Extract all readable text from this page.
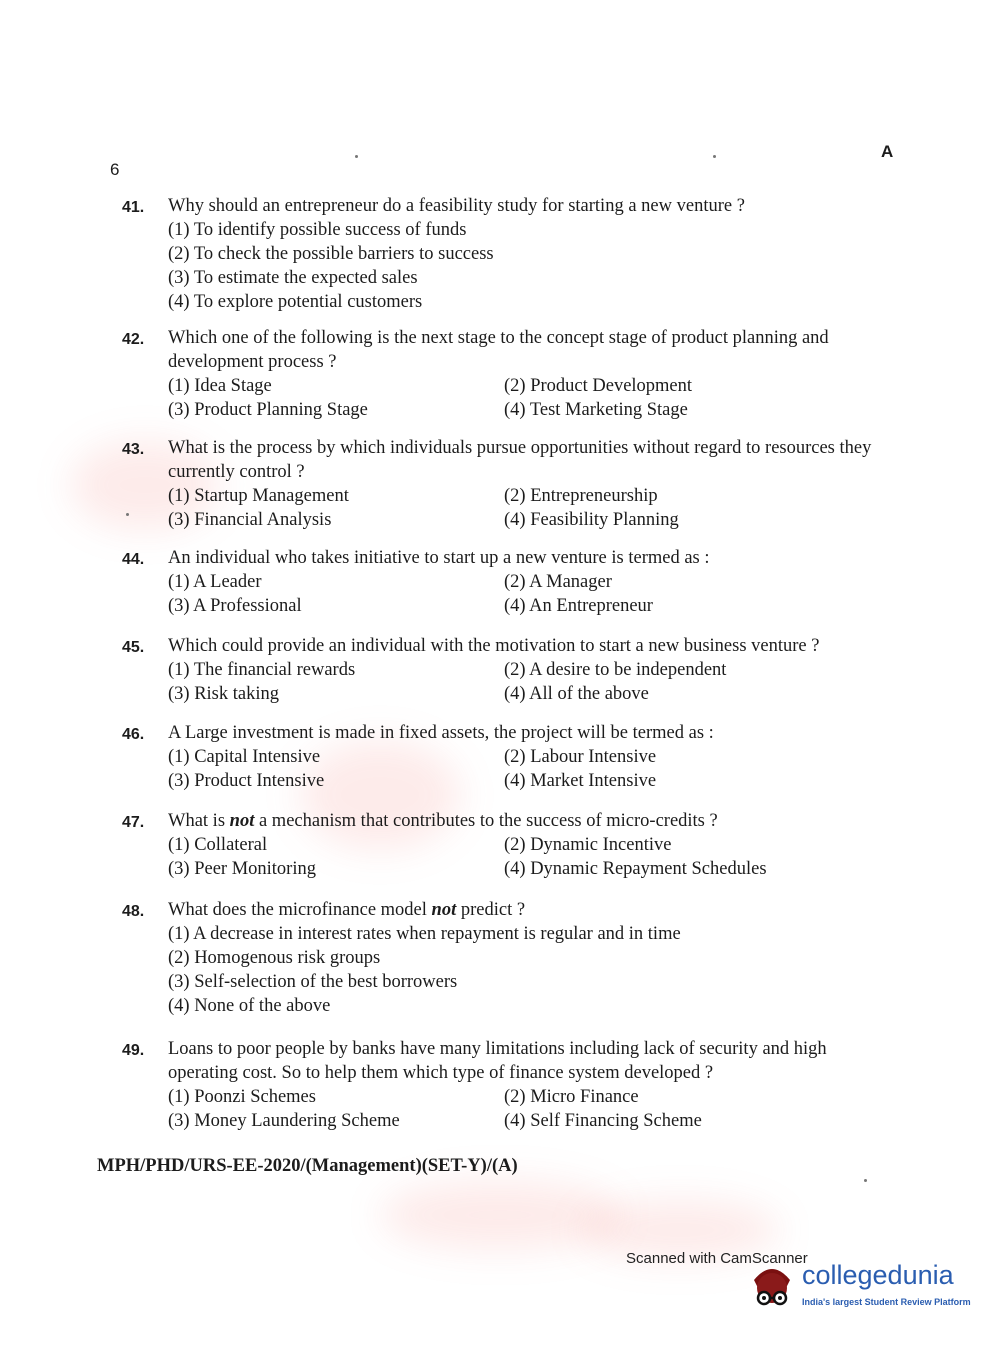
6
A
41. Why should an entrepreneur do a feasibility study for starting a new venture ?
(1) To identify possible success of funds
(2) To check the possible barriers to success
(3) To estimate the expected sales
(4) To explore potential customers
42. Which one of the following is the next stage to the concept stage of product planning and development process ?
(1) Idea Stage	(2) Product Development
(3) Product Planning Stage	(4) Test Marketing Stage
43. What is the process by which individuals pursue opportunities without regard to resources they currently control ?
(1) Startup Management	(2) Entrepreneurship
(3) Financial Analysis	(4) Feasibility Planning
44. An individual who takes initiative to start up a new venture is termed as :
(1) A Leader	(2) A Manager
(3) A Professional	(4) An Entrepreneur
45. Which could provide an individual with the motivation to start a new business venture ?
(1) The financial rewards	(2) A desire to be independent
(3) Risk taking	(4) All of the above
46. A Large investment is made in fixed assets, the project will be termed as :
(1) Capital Intensive	(2) Labour Intensive
(3) Product Intensive	(4) Market Intensive
47. What is not a mechanism that contributes to the success of micro-credits ?
(1) Collateral	(2) Dynamic Incentive
(3) Peer Monitoring	(4) Dynamic Repayment Schedules
48. What does the microfinance model not predict ?
(1) A decrease in interest rates when repayment is regular and in time
(2) Homogenous risk groups
(3) Self-selection of the best borrowers
(4) None of the above
49. Loans to poor people by banks have many limitations including lack of security and high operating cost. So to help them which type of finance system developed ?
(1) Poonzi Schemes	(2) Micro Finance
(3) Money Laundering Scheme	(4) Self Financing Scheme
MPH/PHD/URS-EE-2020/(Management)(SET-Y)/(A)
Scanned with CamScanner
collegedunia
India's largest Student Review Platform
